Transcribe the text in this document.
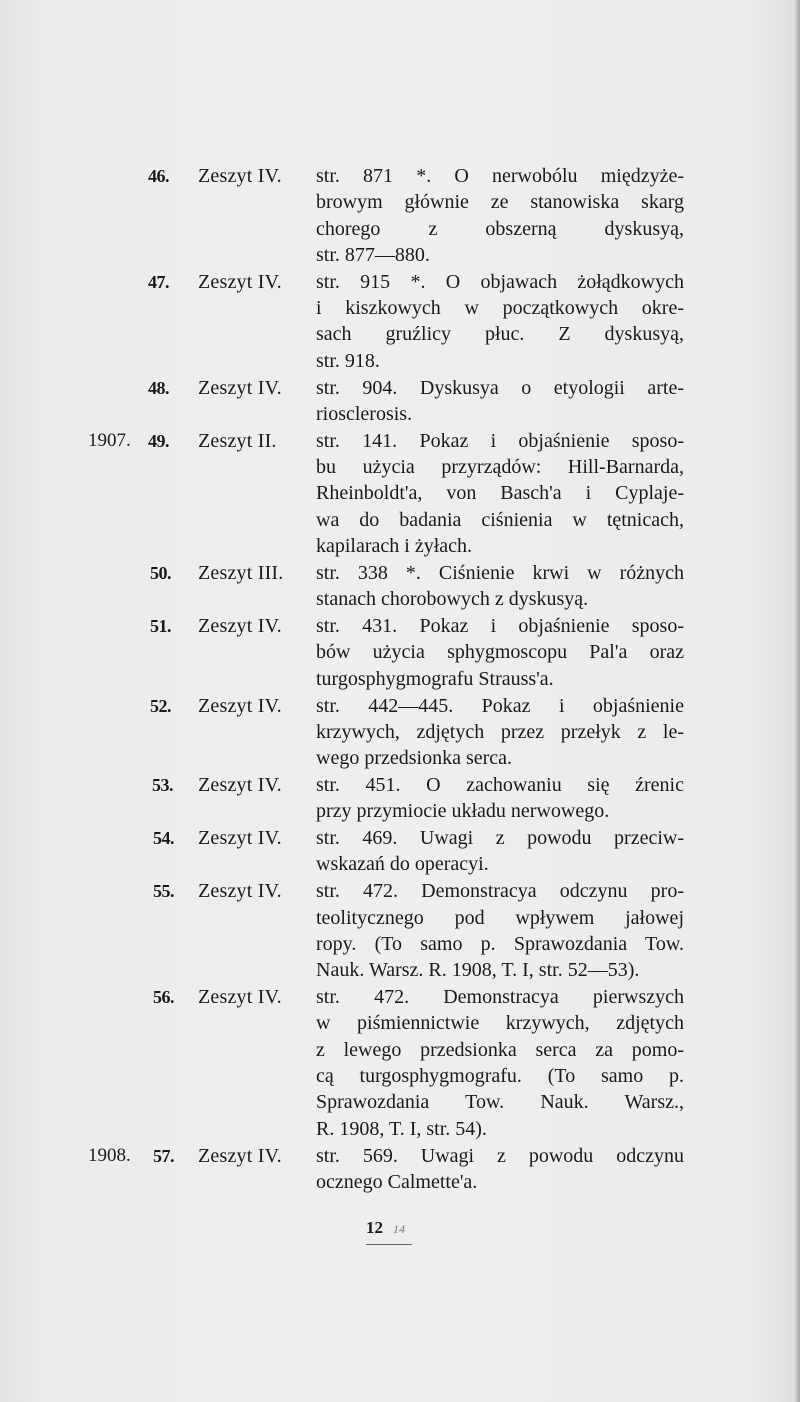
46.	Zeszyt IV.	str. 871 *. O nerwobólu międzyże-
browym głównie ze stanowiska skarg
chorego z obszerną dyskusyą,
str. 877—880.
47.	Zeszyt IV.	str. 915 *. O objawach żołądkowych
i kiszkowych w początkowych okre-
sach gruźlicy płuc. Z dyskusyą,
str. 918.
48.	Zeszyt IV.	str. 904. Dyskusya o etyologii arte-
riosclerosis.
1907. 49.	Zeszyt II.	str. 141. Pokaz i objaśnienie sposo-
bu użycia przyrządów: Hill-Barnarda,
Rheinboldt'a, von Basch'a i Cyplaje-
wa do badania ciśnienia w tętnicach,
kapilarach i żyłach.
50.	Zeszyt III.	str. 338 *. Ciśnienie krwi w różnych
stanach chorobowych z dyskusyą.
51.	Zeszyt IV.	str. 431. Pokaz i objaśnienie sposo-
bów użycia sphygmoscopu Pal'a oraz
turgosphygmografu Strauss'a.
52.	Zeszyt IV.	str. 442—445. Pokaz i objaśnienie
krzywych, zdjętych przez przełyk z le-
wego przedsionka serca.
53.	Zeszyt IV.	str. 451. O zachowaniu się źrenic
przy przymiocie układu nerwowego.
54.	Zeszyt IV.	str. 469. Uwagi z powodu przeciw-
wskazań do operacyi.
55.	Zeszyt IV.	str. 472. Demonstracya odczynu pro-
teolitycznego pod wpływem jałowej
ropy. (To samo p. Sprawozdania Tow.
Nauk. Warsz. R. 1908, T. I, str. 52—53).
56.	Zeszyt IV.	str. 472. Demonstracya pierwszych
w piśmiennictwie krzywych, zdjętych
z lewego przedsionka serca za pomo-
cą turgosphygmografu. (To samo p.
Sprawozdania Tow. Nauk. Warsz.,
R. 1908, T. I, str. 54).
1908.	57.	Zeszyt IV.	str. 569. Uwagi z powodu odczynu
ocznego Calmette'a.
12 14
